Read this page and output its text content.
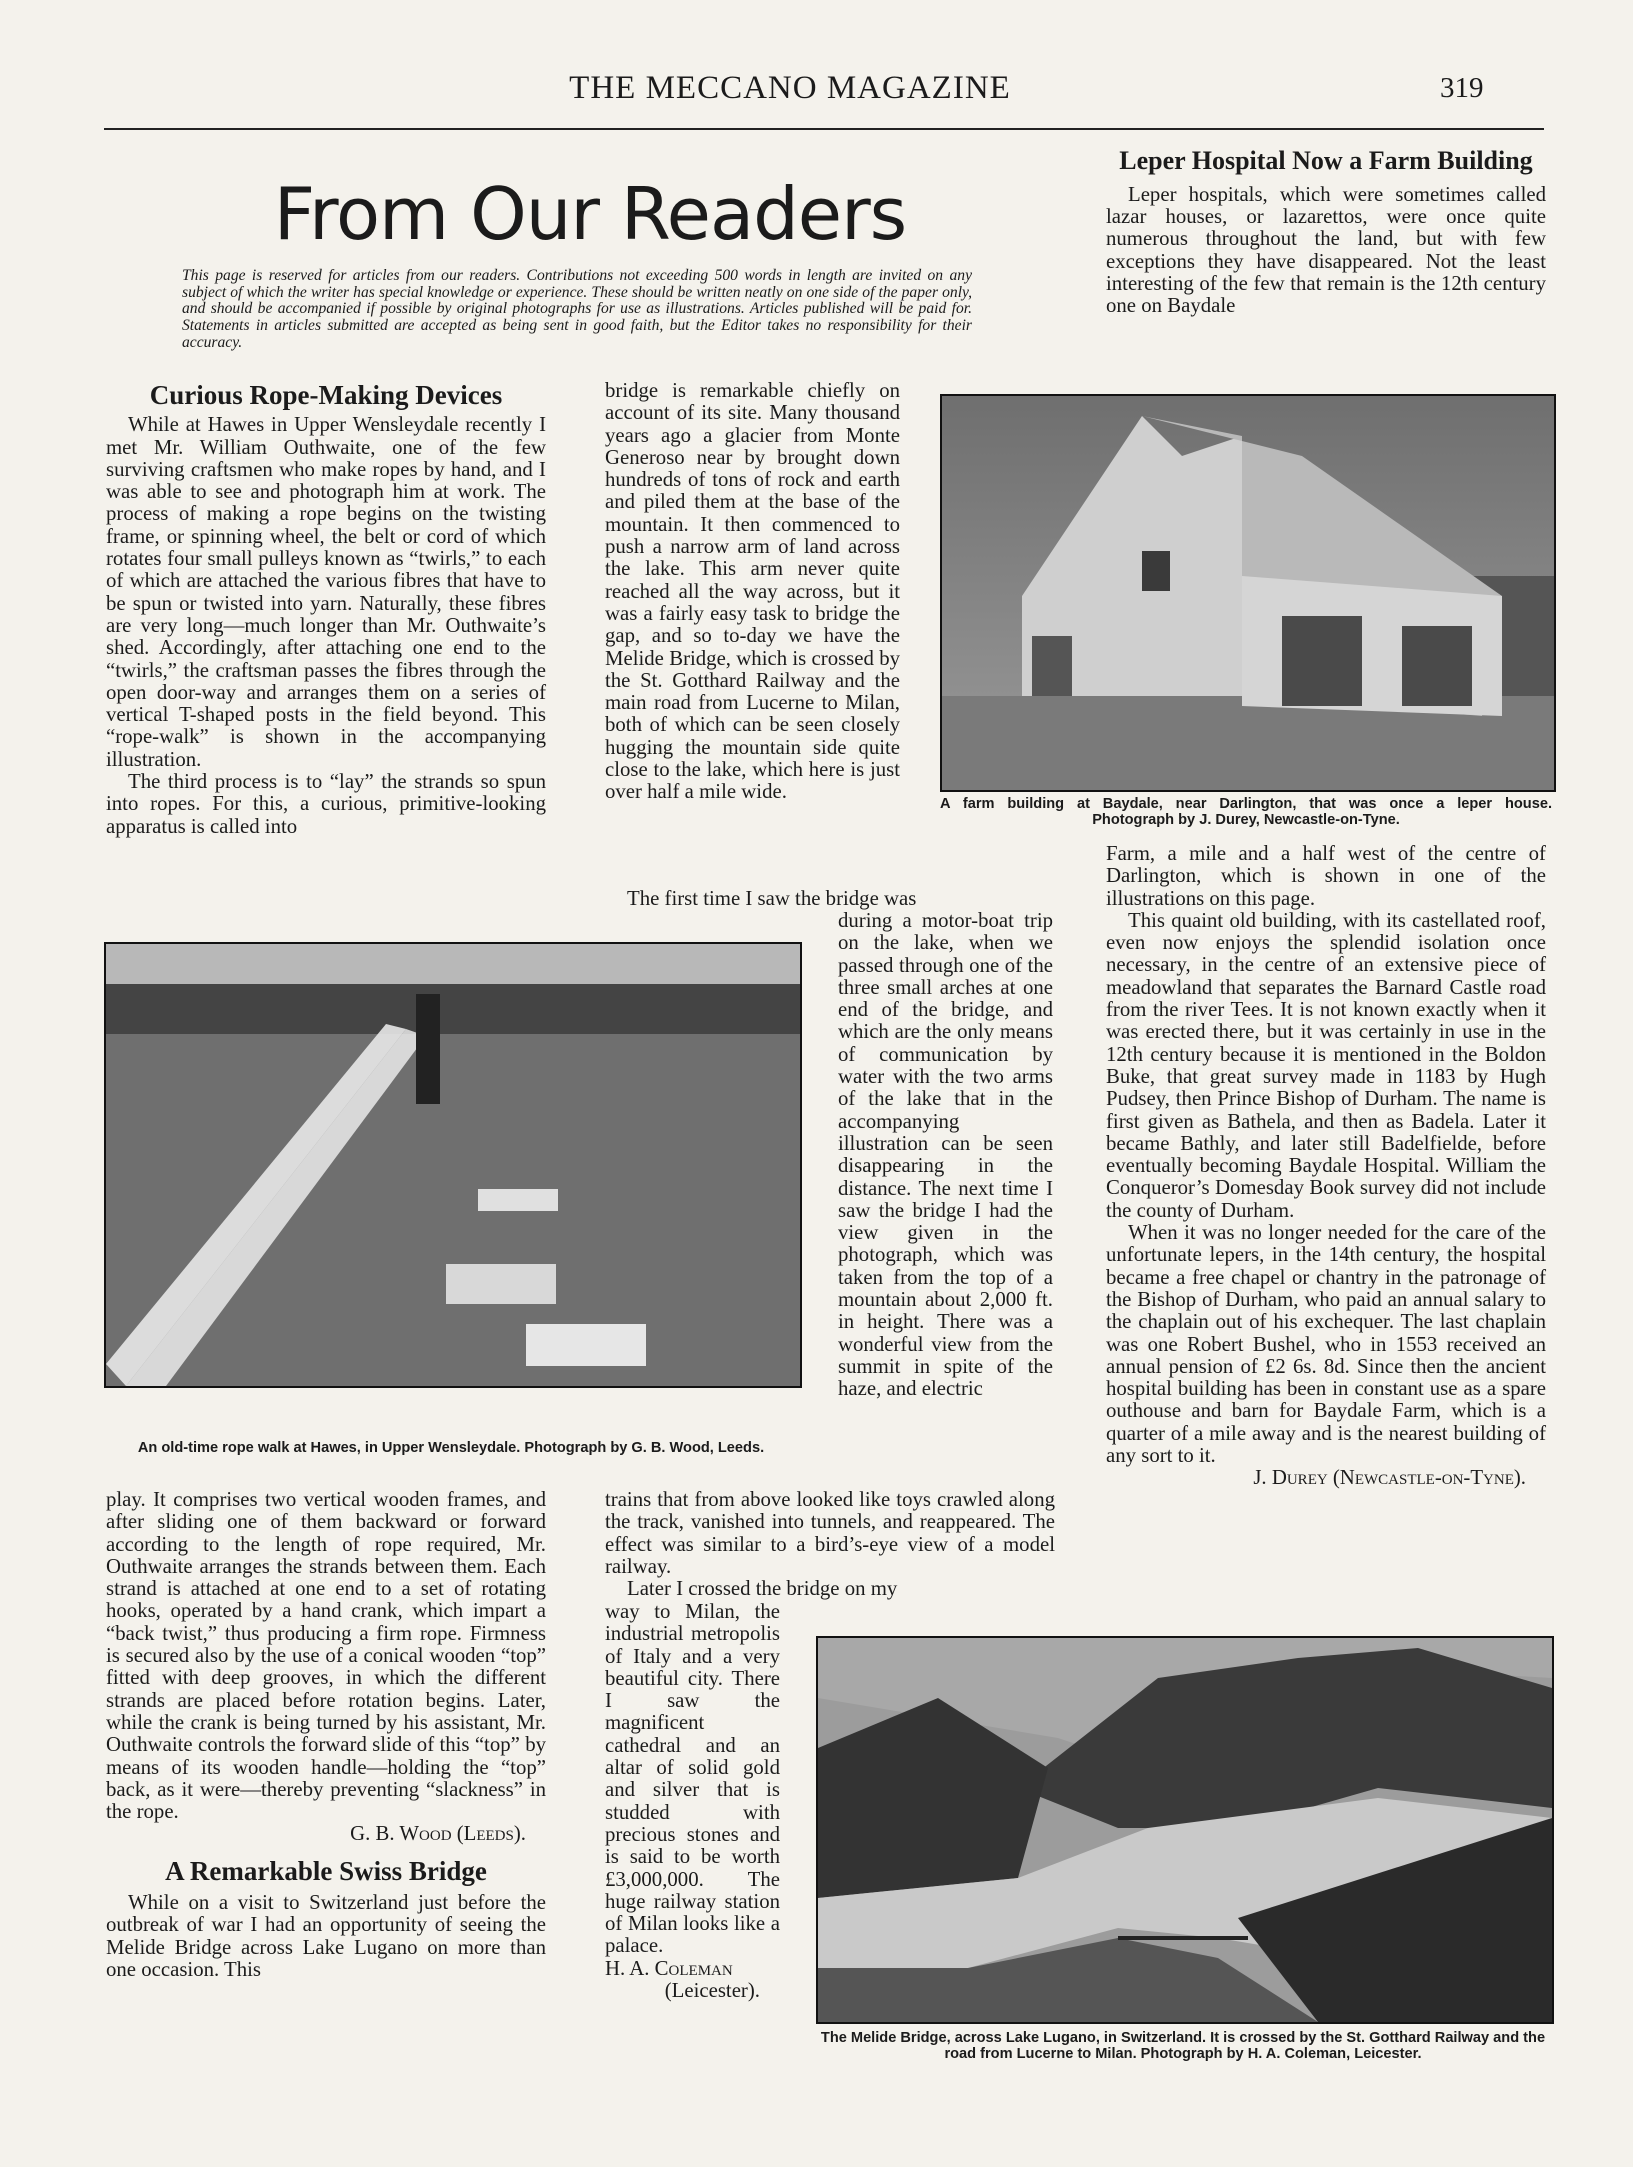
THE MECCANO MAGAZINE	319
From Our Readers
This page is reserved for articles from our readers. Contributions not exceeding 500 words in length are invited on any subject of which the writer has special knowledge or experience. These should be written neatly on one side of the paper only, and should be accompanied if possible by original photographs for use as illustrations. Articles published will be paid for. Statements in articles submitted are accepted as being sent in good faith, but the Editor takes no responsibility for their accuracy.
Leper Hospital Now a Farm Building

Leper hospitals, which were sometimes called lazar houses, or lazarettos, were once quite numerous throughout the land, but with few exceptions they have disappeared. Not the least interesting of the few that remain is the 12th century one on Baydale

A farm building at Baydale, near Darlington, that was once a leper house.
Photograph by J. Durey, Newcastle-on-Tyne.

Farm, a mile and a half west of the centre of Darlington, which is shown in one of the illustrations on this page.

This quaint old building, with its castellated roof, even now enjoys the splendid isolation once necessary, in the centre of an extensive piece of meadowland that separates the Barnard Castle road from the river Tees. It is not known exactly when it was erected there, but it was certainly in use in the 12th century because it is mentioned in the Boldon Buke, that great survey made in 1183 by Hugh Pudsey, then Prince Bishop of Durham. The name is first given as Bathela, and then as Badela. Later it became Bathly, and later still Badelfielde, before eventually becoming Baydale Hospital. William the Conqueror’s Domesday Book survey did not include the county of Durham.

When it was no longer needed for the care of the unfortunate lepers, in the 14th century, the hospital became a free chapel or chantry in the patronage of the Bishop of Durham, who paid an annual salary to the chaplain out of his exchequer. The last chaplain was one Robert Bushel, who in 1553 received an annual pension of £2 6s. 8d. Since then the ancient hospital building has been in constant use as a spare outhouse and barn for Baydale Farm, which is a quarter of a mile away and is the nearest building of any sort to it.

J. Durey (Newcastle-on-Tyne).

Curious Rope-Making Devices

While at Hawes in Upper Wensleydale recently I met Mr. William Outhwaite, one of the few surviving craftsmen who make ropes by hand, and I was able to see and photograph him at work. The process of making a rope begins on the twisting frame, or spinning wheel, the belt or cord of which rotates four small pulleys known as “twirls,” to each of which are attached the various fibres that have to be spun or twisted into yarn. Naturally, these fibres are very long—much longer than Mr. Outhwaite’s shed. Accordingly, after attaching one end to the “twirls,” the craftsman passes the fibres through the open door-way and arranges them on a series of vertical T-shaped posts in the field beyond. This “rope-walk” is shown in the accompanying illustration.

The third process is to “lay” the strands so spun into ropes. For this, a curious, primitive-looking apparatus is called into

An old-time rope walk at Hawes, in Upper Wensleydale. Photograph by G. B. Wood, Leeds.

play. It comprises two vertical wooden frames, and after sliding one of them backward or forward according to the length of rope required, Mr. Outhwaite arranges the strands between them. Each strand is attached at one end to a set of rotating hooks, operated by a hand crank, which impart a “back twist,” thus producing a firm rope. Firmness is secured also by the use of a conical wooden “top” fitted with deep grooves, in which the different strands are placed before rotation begins. Later, while the crank is being turned by his assistant, Mr. Outhwaite controls the forward slide of this “top” by means of its wooden handle—holding the “top” back, as it were—thereby preventing “slackness” in the rope.

G. B. Wood (Leeds).

A Remarkable Swiss Bridge

While on a visit to Switzerland just before the outbreak of war I had an opportunity of seeing the Melide Bridge across Lake Lugano on more than one occasion. This

bridge is remarkable chiefly on account of its site. Many thousand years ago a glacier from Monte Generoso near by brought down hundreds of tons of rock and earth and piled them at the base of the mountain. It then commenced to push a narrow arm of land across the lake. This arm never quite reached all the way across, but it was a fairly easy task to bridge the gap, and so to-day we have the Melide Bridge, which is crossed by the St. Gotthard Railway and the main road from Lucerne to Milan, both of which can be seen closely hugging the mountain side quite close to the lake, which here is just over half a mile wide.

The first time I saw the bridge was

during a motor-boat trip on the lake, when we passed through one of the three small arches at one end of the bridge, and which are the only means of communication by water with the two arms of the lake that in the accompanying illustration can be seen disappearing in the distance. The next time I saw the bridge I had the view given in the photograph, which was taken from the top of a mountain about 2,000 ft. in height. There was a wonderful view from the summit in spite of the haze, and electric

trains that from above looked like toys crawled along the track, vanished into tunnels, and reappeared. The effect was similar to a bird’s-eye view of a model railway.

Later I crossed the bridge on my

way to Milan, the industrial metropolis of Italy and a very beautiful city. There I saw the magnificent cathedral and an altar of solid gold and silver that is studded with precious stones and is said to be worth £3,000,000. The huge railway station of Milan looks like a palace.

H. A. Coleman

(Leicester).

The Melide Bridge, across Lake Lugano, in Switzerland. It is crossed by the St. Gotthard Railway and the road from Lucerne to Milan. Photograph by H. A. Coleman, Leicester.
